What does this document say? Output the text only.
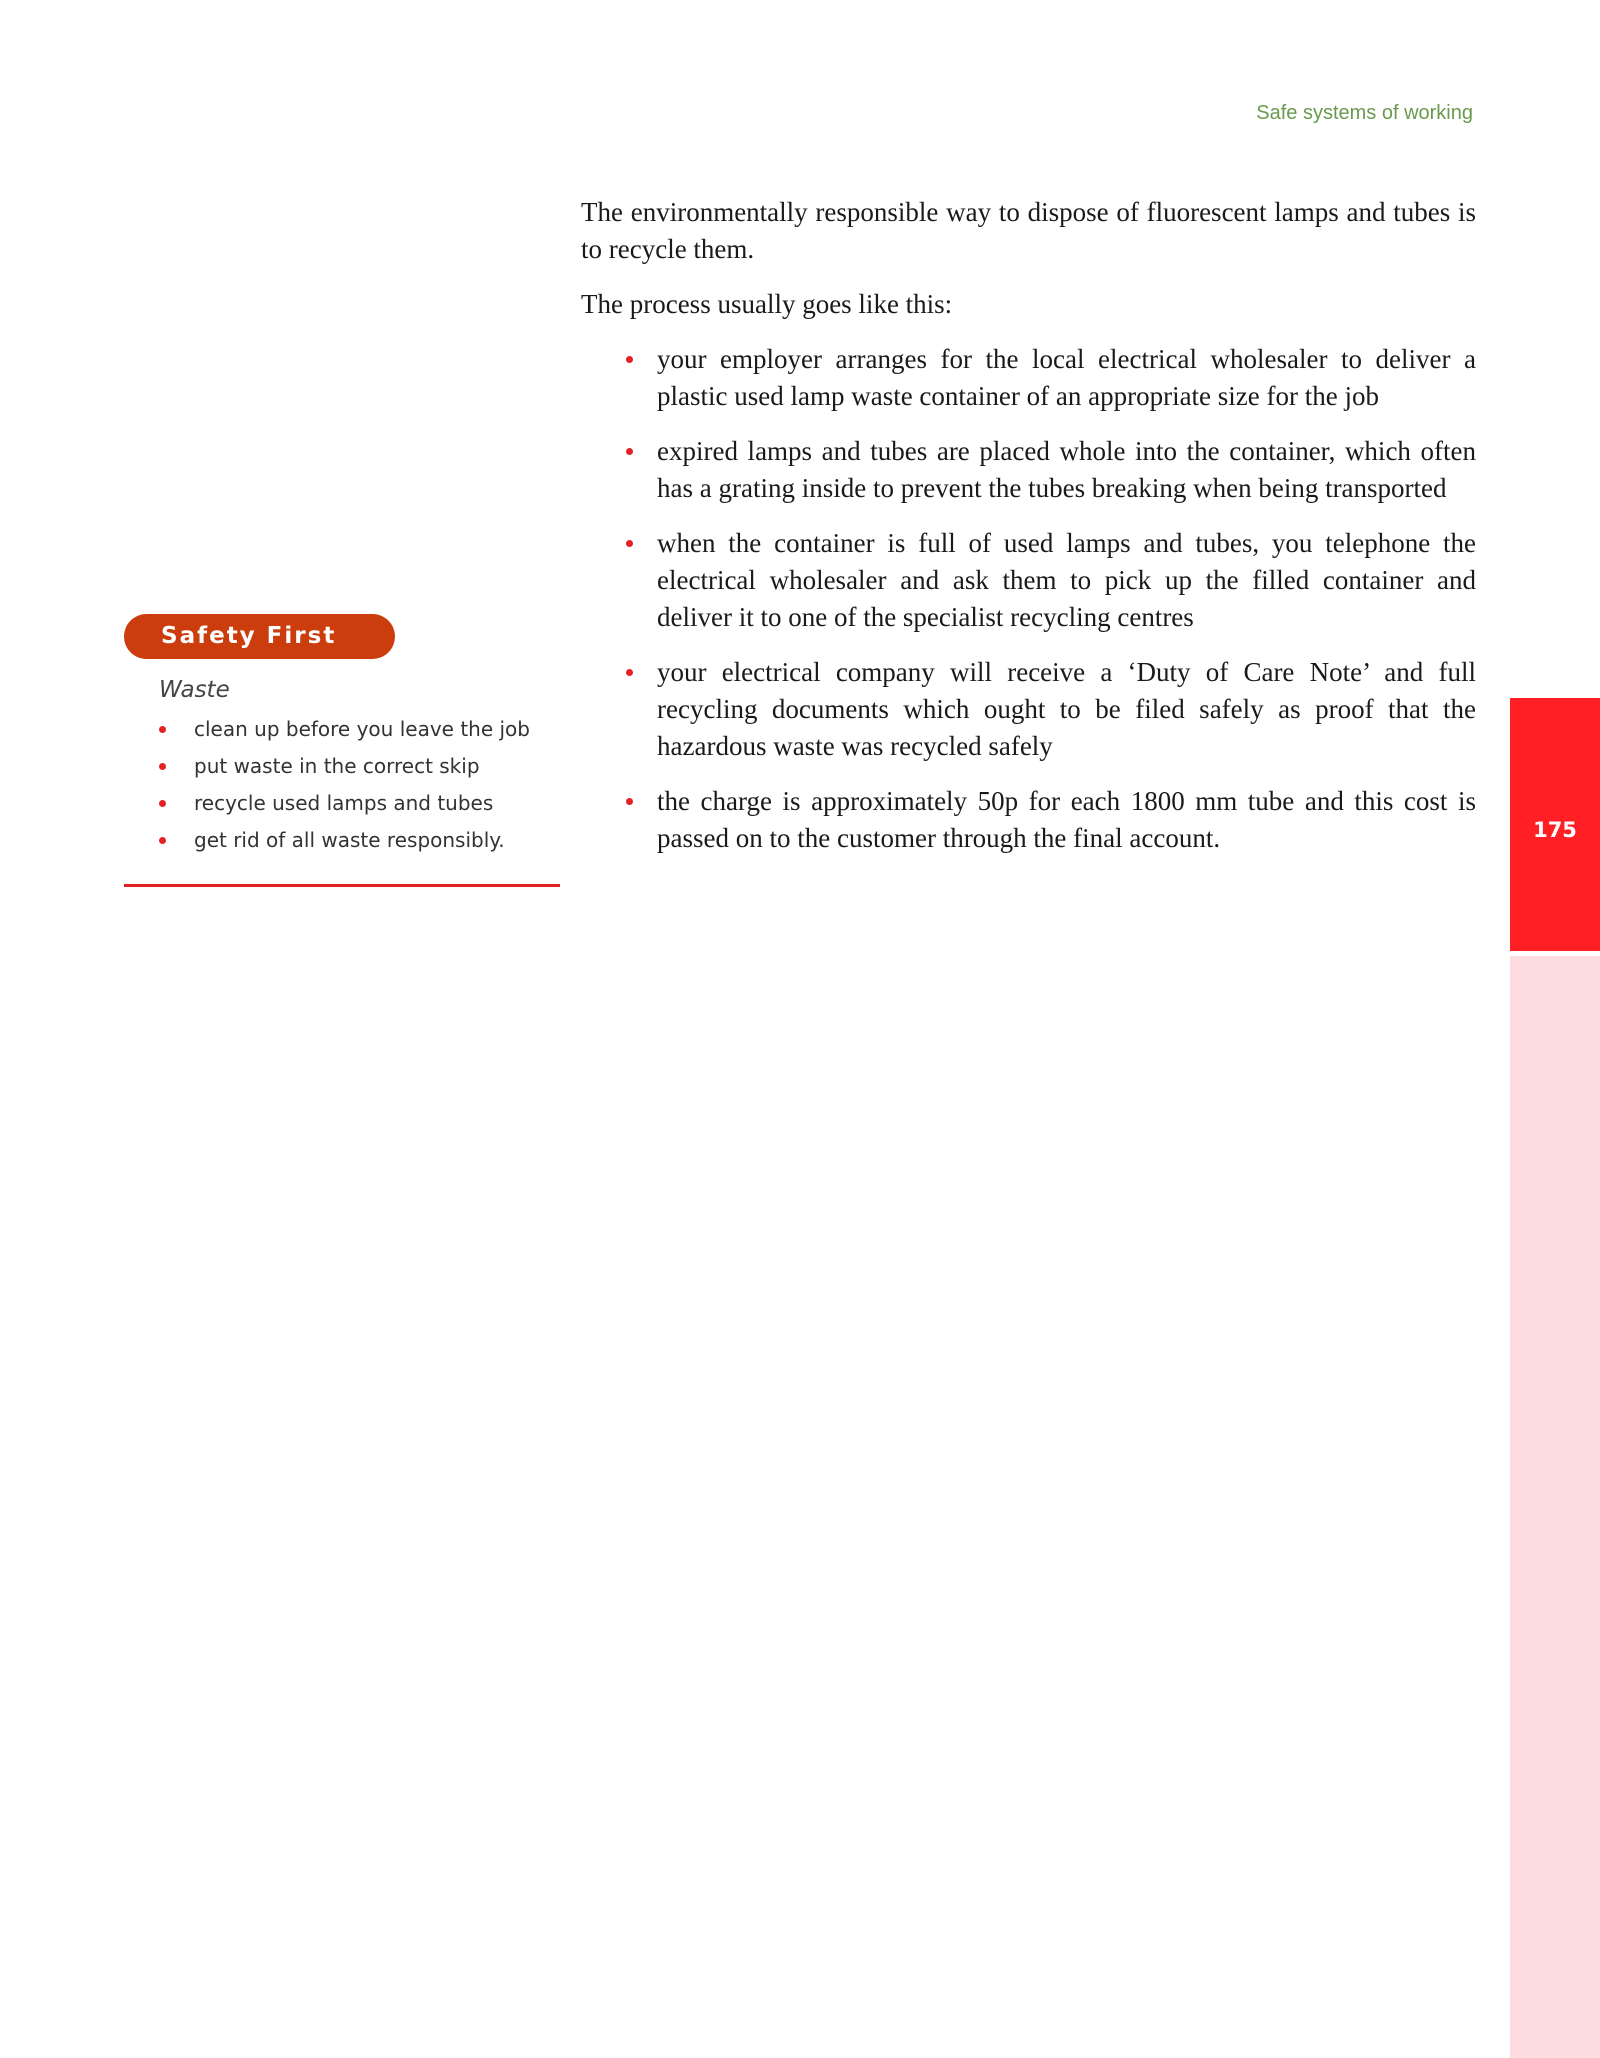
Safe systems of working
Safety First
Waste
clean up before you leave the job
put waste in the correct skip
recycle used lamps and tubes
get rid of all waste responsibly.

The environmentally responsible way to dispose of fluorescent lamps and tubes is to recycle them.

The process usually goes like this:

your employer arranges for the local electrical wholesaler to deliver a plastic used lamp waste container of an appropriate size for the job
expired lamps and tubes are placed whole into the container, which often has a grating inside to prevent the tubes breaking when being transported
when the container is full of used lamps and tubes, you telephone the electrical wholesaler and ask them to pick up the filled container and deliver it to one of the specialist recycling centres
your electrical company will receive a ‘Duty of Care Note’ and full recycling documents which ought to be filed safely as proof that the hazardous waste was recycled safely
the charge is approximately 50p for each 1800 mm tube and this cost is passed on to the customer through the final account.	175
